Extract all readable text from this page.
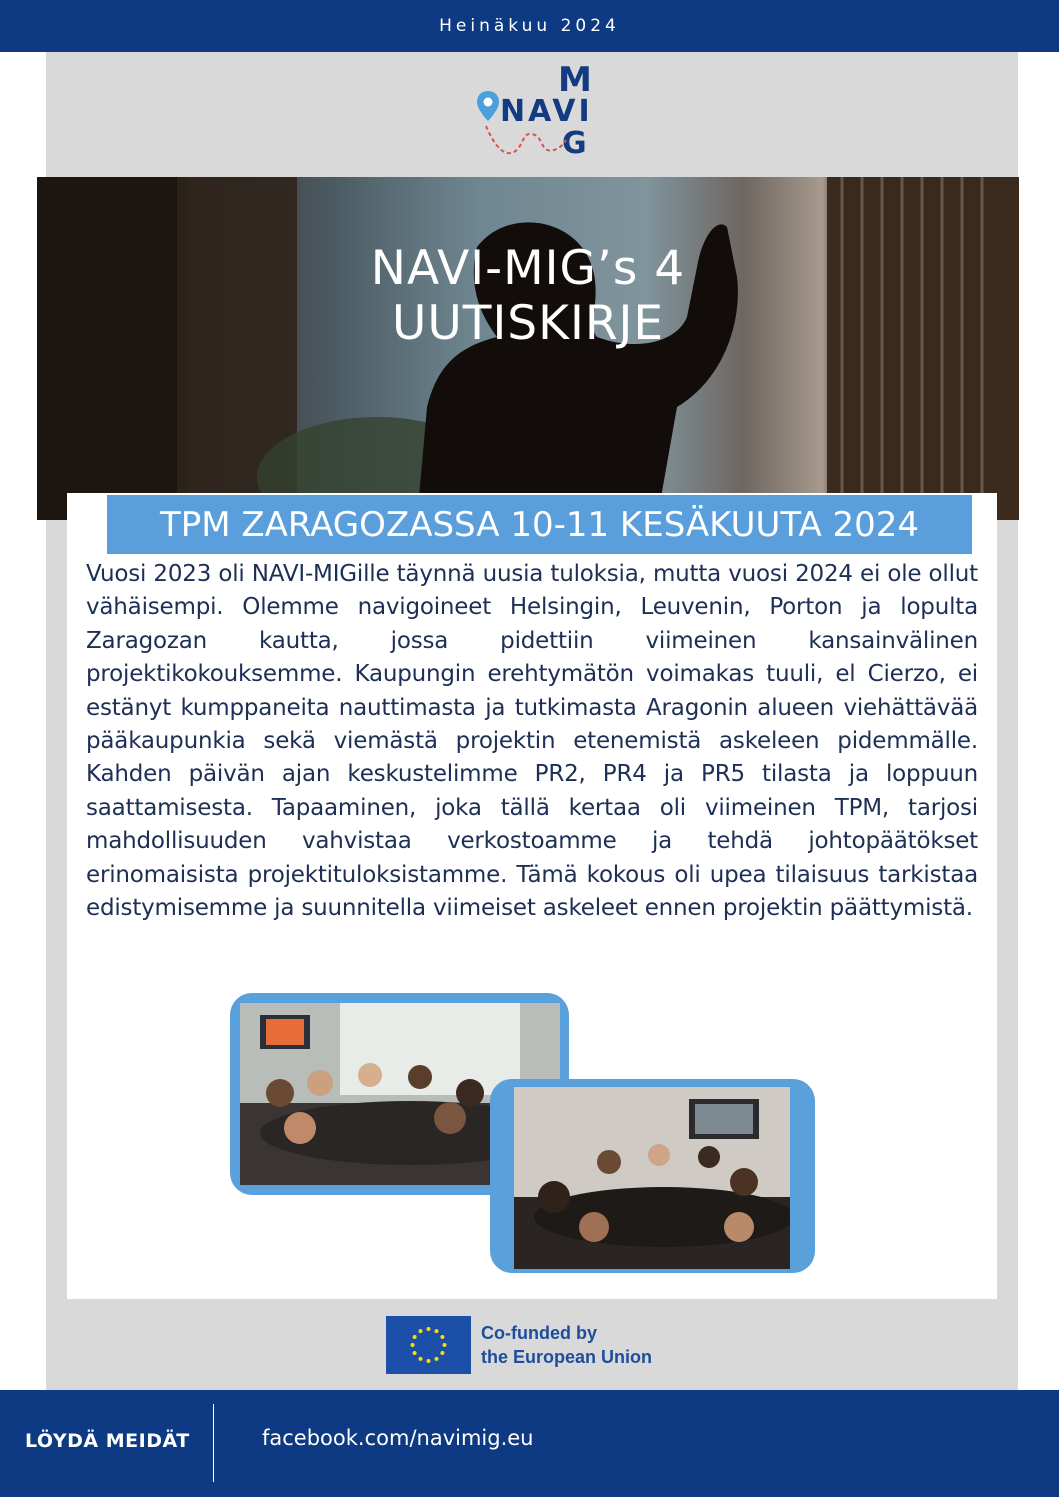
Heinäkuu 2024
M
NAVI
G
NAVI-MIG’s 4
UUTISKIRJE
TPM ZARAGOZASSA 10-11 KESÄKUUTA 2024

Vuosi 2023 oli NAVI-MIGille täynnä uusia tuloksia, mutta vuosi 2024 ei ole ollut vähäisempi. Olemme navigoineet Helsingin, Leuvenin, Porton ja lopulta Zaragozan kautta, jossa pidettiin viimeinen kansainvälinen projektikokouksemme. Kaupungin erehtymätön voimakas tuuli, el Cierzo, ei estänyt kumppaneita nauttimasta ja tutkimasta Aragonin alueen viehättävää pääkaupunkia sekä viemästä projektin etenemistä askeleen pidemmälle. Kahden päivän ajan keskustelimme PR2, PR4 ja PR5 tilasta ja loppuun saattamisesta. Tapaaminen, joka tällä kertaa oli viimeinen TPM, tarjosi mahdollisuuden vahvistaa verkostoamme ja tehdä johtopäätökset erinomaisista projektituloksistamme. Tämä kokous oli upea tilaisuus tarkistaa edistymisemme ja suunnitella viimeiset askeleet ennen projektin päättymistä.

Co-funded by
the European Union
LÖYDÄ MEIDÄT	facebook.com/navimig.eu
